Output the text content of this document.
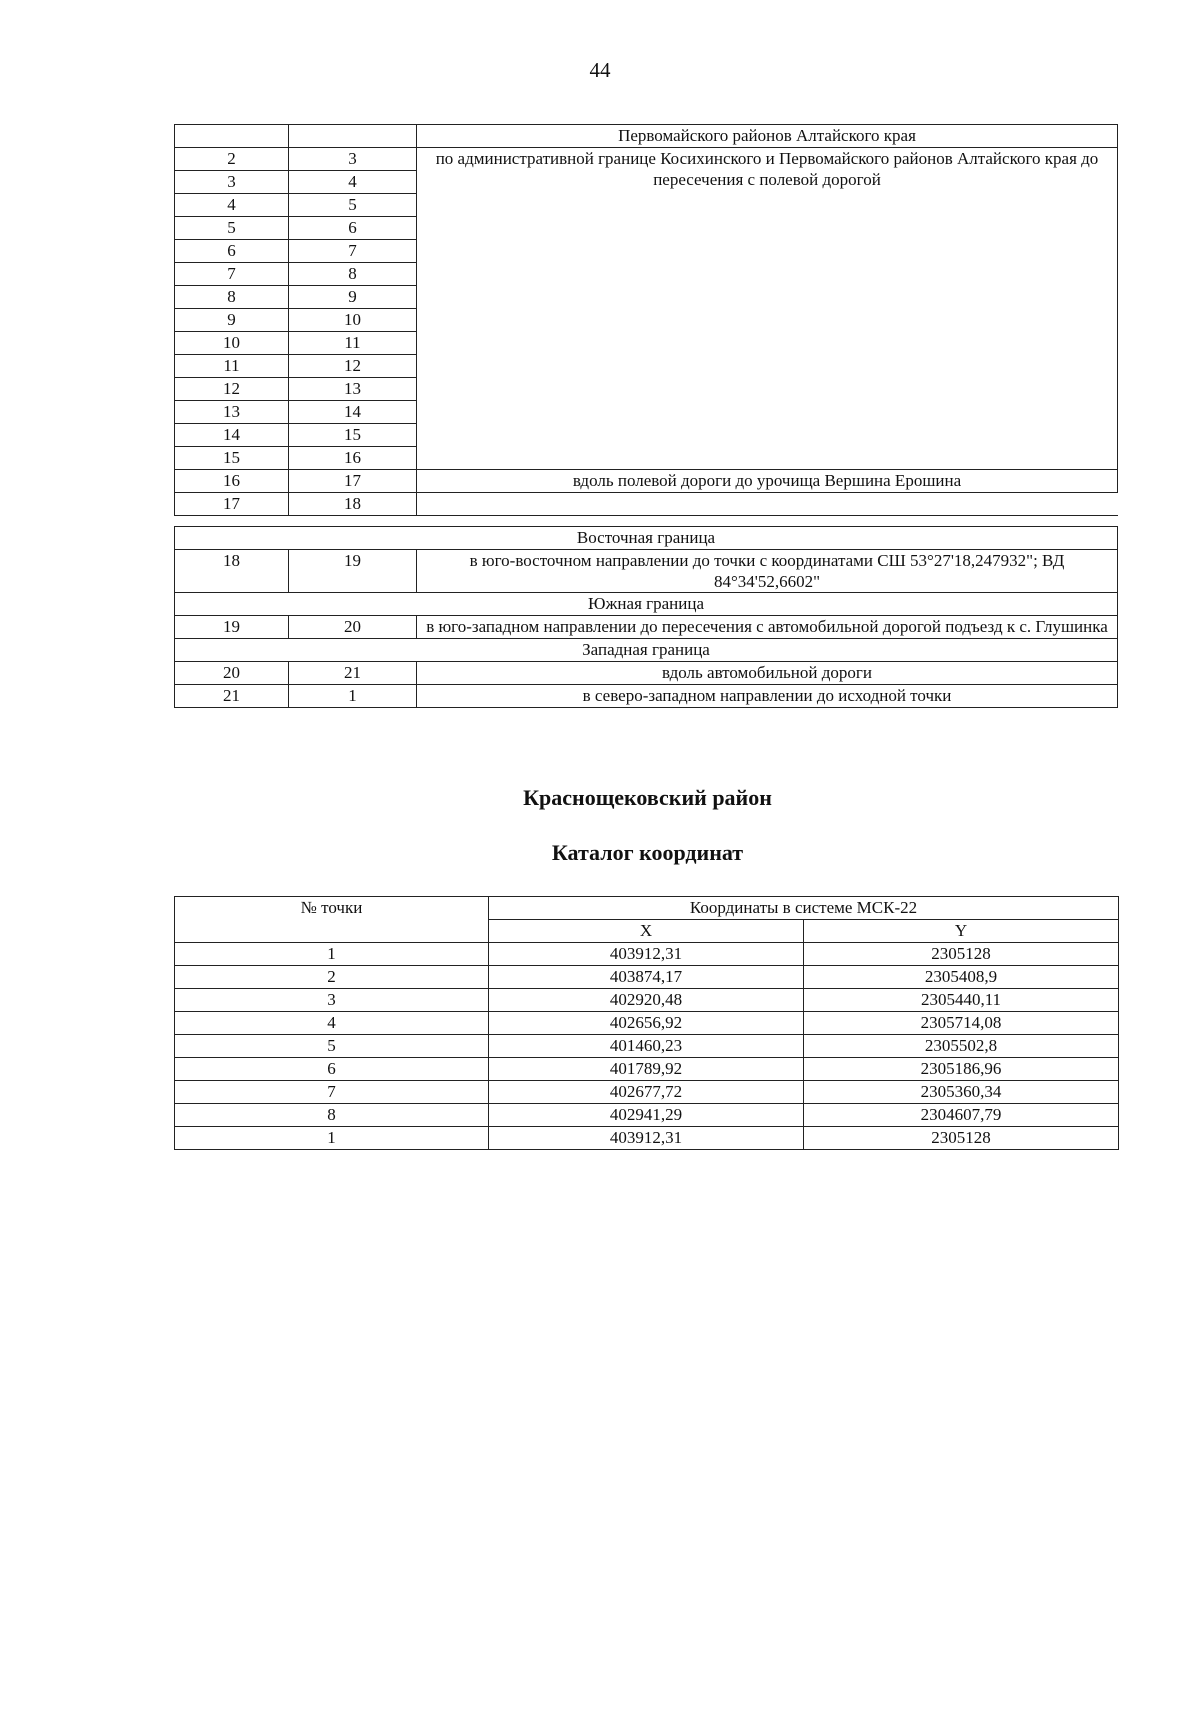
44
		Первомайского районов Алтайского края
2	3	по административной границе Косихинского и Первомайского районов Алтайского края до пересечения с полевой дорогой
3	4	
4	5	
5	6	
6	7	
7	8	
8	9	
9	10	
10	11	
11	12	
12	13	
13	14	
14	15	
15	16	
16	17	вдоль полевой дороги до урочища Вершина Ерошина
17	18	

Восточная граница		
18	19	в юго-восточном направлении до точки с координатами СШ 53°27'18,247932"; ВД 84°34'52,6602"
Южная граница		
19	20	в юго-западном направлении до пересечения с автомобильной дорогой подъезд к с. Глушинка
Западная граница		
20	21	вдоль автомобильной дороги
21	1	в северо-западном направлении до исходной точки
Краснощековский район
Каталог координат
№ точки	Координаты в системе МСК-22	
	X	Y
1	403912,31	2305128
2	403874,17	2305408,9
3	402920,48	2305440,11
4	402656,92	2305714,08
5	401460,23	2305502,8
6	401789,92	2305186,96
7	402677,72	2305360,34
8	402941,29	2304607,79
1	403912,31	2305128
